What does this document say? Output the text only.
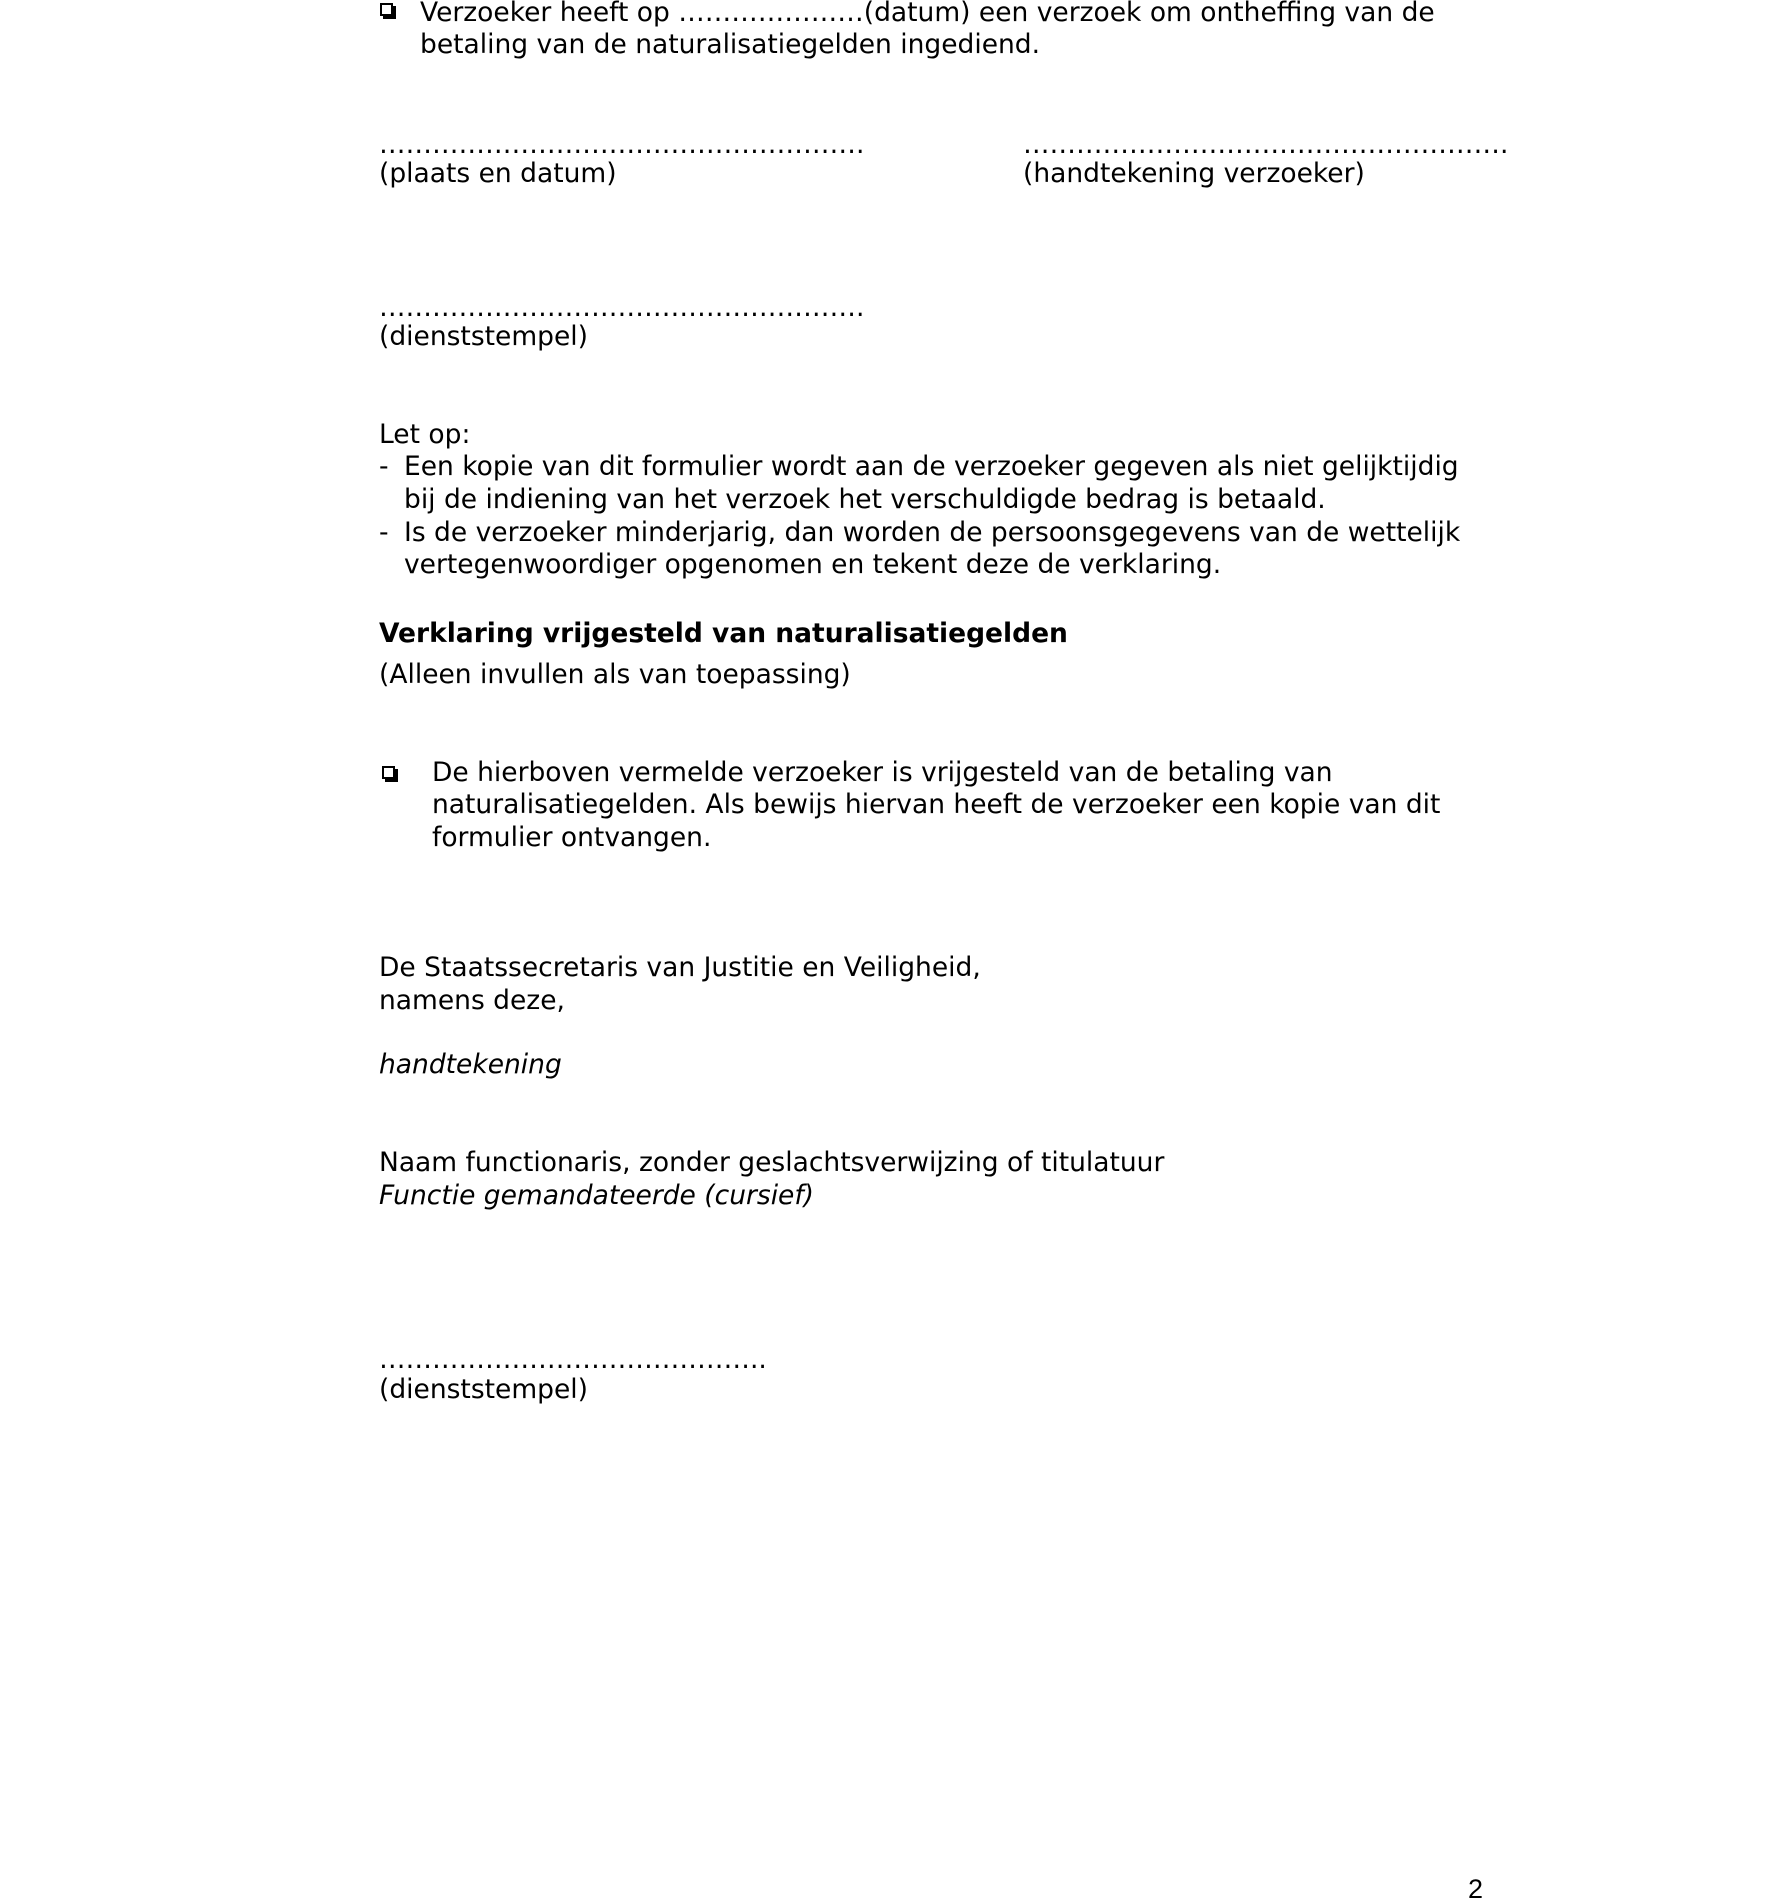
Verzoeker heeft op …………………(datum) een verzoek om ontheffing van de

betaling van de naturalisatiegelden ingediend.

……………………………………………….

(plaats en datum)

……………………………………………….

(handtekening verzoeker)

……………………………………………….

(dienststempel)

Let op:

- Een kopie van dit formulier wordt aan de verzoeker gegeven als niet gelijktijdig

bij de indiening van het verzoek het verschuldigde bedrag is betaald.

- Is de verzoeker minderjarig, dan worden de persoonsgegevens van de wettelijk

vertegenwoordiger opgenomen en tekent deze de verklaring.

Verklaring vrijgesteld van naturalisatiegelden

(Alleen invullen als van toepassing)

De hierboven vermelde verzoeker is vrijgesteld van de betaling van

naturalisatiegelden. Als bewijs hiervan heeft de verzoeker een kopie van dit

formulier ontvangen.

De Staatssecretaris van Justitie en Veiligheid,

namens deze,

handtekening

Naam functionaris, zonder geslachtsverwijzing of titulatuur

Functie gemandateerde (cursief)

……………………………………..

(dienststempel)

2
